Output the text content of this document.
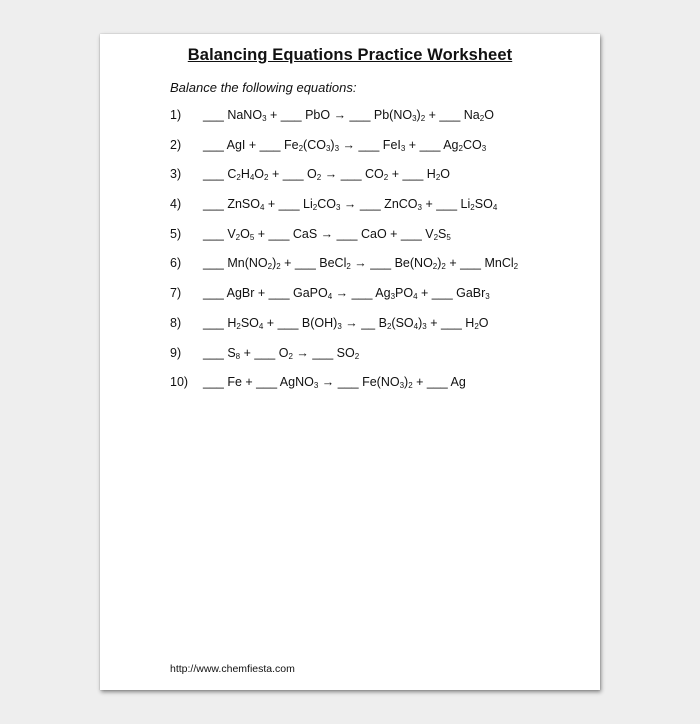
Balancing Equations Practice Worksheet
Balance the following equations:
1)	___ NaNO$_3$ + ___ PbO → ___ $Pb(NO_3)_2$ + ___ $Na_2O$
2)	___ AgI + ___ $Fe_2(CO_3)_3$ → ___ FeI$_3$ + ___ $Ag_2CO_3$
3)	___ $C_2H_4O_2$ + ___ $O_2$ → ___ $CO_2$ + ___ $H_2O$
4)	___ ZnSO$_4$ + ___ $Li_2CO_3$ → ___ ZnCO$_3$ + ___ $Li_2SO_4$
5)	___ $V_2O_5$ + ___ CaS → ___ CaO + ___ $V_2S_5$
6)	___ $Mn(NO_2)_2$ + ___ BeCl$_2$ → ___ $Be(NO_2)_2$ + ___ MnCl$_2$
7)	___ AgBr + ___ GaPO$_4$ → ___ $Ag_3PO_4$ + ___ GaBr$_3$
8)	___ $H_2SO_4$ + ___ $B(OH)_3$ → __ $B_2(SO_4)_3$ + ___ $H_2O$
9)	___ $S_8$ + ___ $O_2$ → ___ $SO_2$
10)	___ Fe + ___ AgNO$_3$ → ___ $Fe(NO_3)_2$ + ___ Ag
http://www.chemfiesta.com
